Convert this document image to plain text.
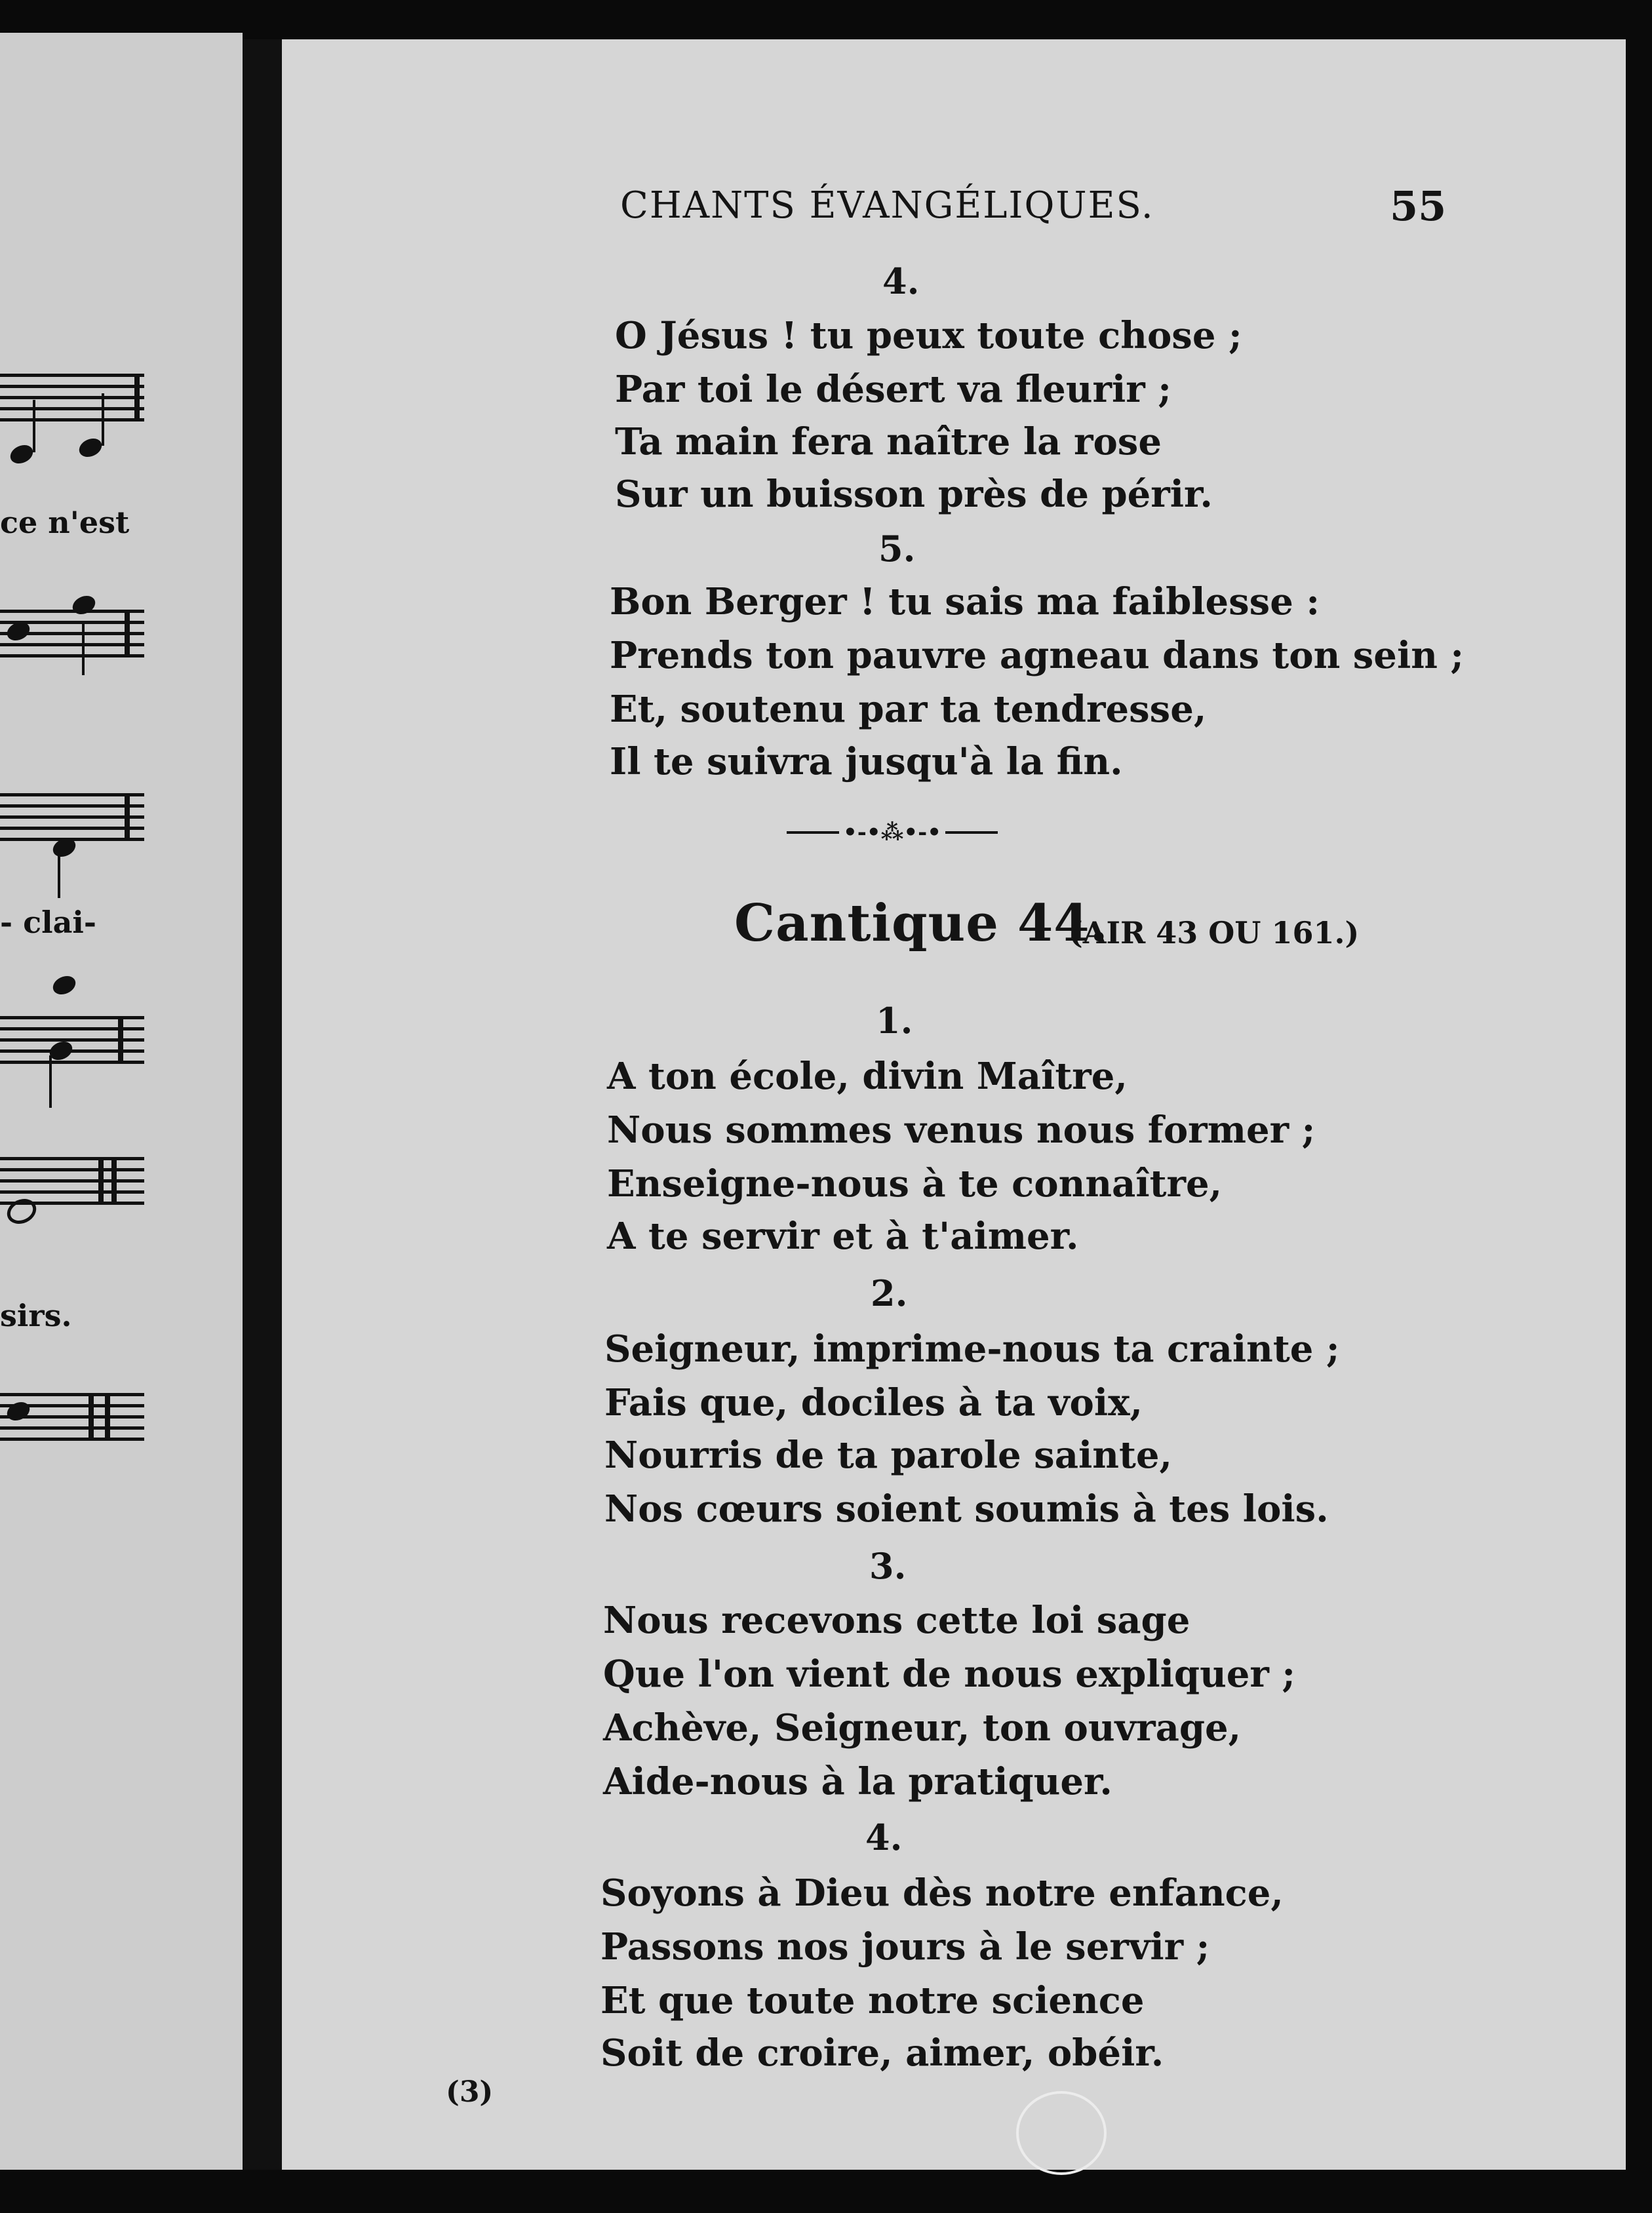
ce n'est
- clai-
sirs.
CHANTS ÉVANGÉLIQUES.	55
4.
O Jésus ! tu peux toute chose ;
Par toi le désert va fleurir ;
Ta main fera naître la rose
Sur un buisson près de périr.
5.
Bon Berger ! tu sais ma faiblesse :
Prends ton pauvre agneau dans ton sein ;
Et, soutenu par ta tendresse,
Il te suivra jusqu'à la fin.
•-•⁂•-•
Cantique 44.
(AIR 43 OU 161.)
1.
A ton école, divin Maître,
Nous sommes venus nous former ;
Enseigne-nous à te connaître,
A te servir et à t'aimer.
2.
Seigneur, imprime-nous ta crainte ;
Fais que, dociles à ta voix,
Nourris de ta parole sainte,
Nos cœurs soient soumis à tes lois.
3.
Nous recevons cette loi sage
Que l'on vient de nous expliquer ;
Achève, Seigneur, ton ouvrage,
Aide-nous à la pratiquer.
4.
Soyons à Dieu dès notre enfance,
Passons nos jours à le servir ;
Et que toute notre science
Soit de croire, aimer, obéir.
(3)
